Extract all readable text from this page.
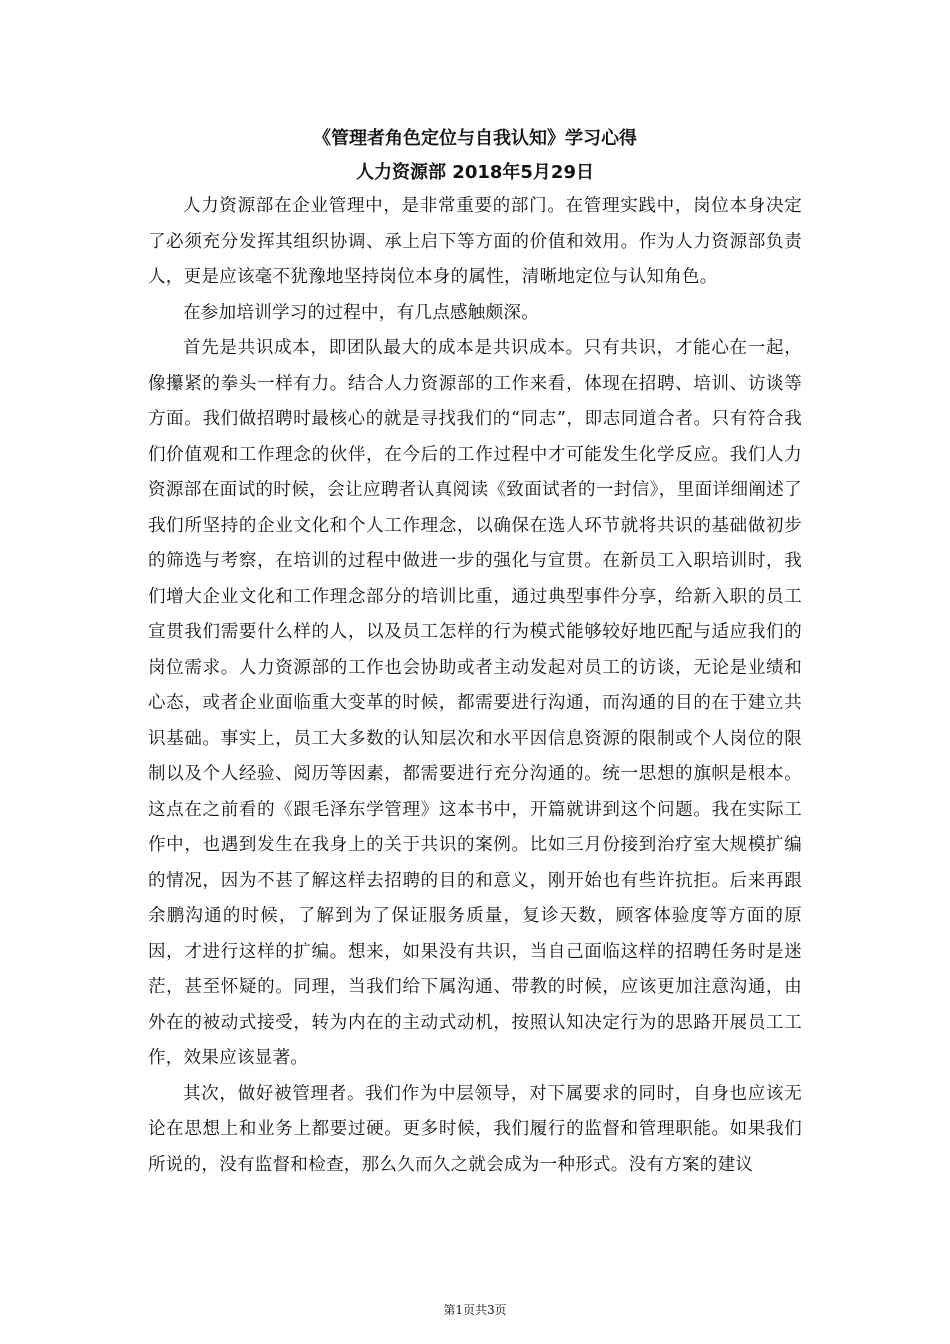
《管理者角色定位与自我认知》学习心得
人力资源部 2018年5月29日

人力资源部在企业管理中，是非常重要的部门。在管理实践中，岗位本身决定了必须充分发挥其组织协调、承上启下等方面的价值和效用。作为人力资源部负责人，更是应该毫不犹豫地坚持岗位本身的属性，清晰地定位与认知角色。

在参加培训学习的过程中，有几点感触颇深。

首先是共识成本，即团队最大的成本是共识成本。只有共识，才能心在一起，像攥紧的拳头一样有力。结合人力资源部的工作来看，体现在招聘、培训、访谈等方面。我们做招聘时最核心的就是寻找我们的“同志”，即志同道合者。只有符合我们价值观和工作理念的伙伴，在今后的工作过程中才可能发生化学反应。我们人力资源部在面试的时候，会让应聘者认真阅读《致面试者的一封信》，里面详细阐述了我们所坚持的企业文化和个人工作理念，以确保在选人环节就将共识的基础做初步的筛选与考察，在培训的过程中做进一步的强化与宣贯。在新员工入职培训时，我们增大企业文化和工作理念部分的培训比重，通过典型事件分享，给新入职的员工宣贯我们需要什么样的人，以及员工怎样的行为模式能够较好地匹配与适应我们的岗位需求。人力资源部的工作也会协助或者主动发起对员工的访谈，无论是业绩和心态，或者企业面临重大变革的时候，都需要进行沟通，而沟通的目的在于建立共识基础。事实上，员工大多数的认知层次和水平因信息资源的限制或个人岗位的限制以及个人经验、阅历等因素，都需要进行充分沟通的。统一思想的旗帜是根本。这点在之前看的《跟毛泽东学管理》这本书中，开篇就讲到这个问题。我在实际工作中，也遇到发生在我身上的关于共识的案例。比如三月份接到治疗室大规模扩编的情况，因为不甚了解这样去招聘的目的和意义，刚开始也有些许抗拒。后来再跟余鹏沟通的时候，了解到为了保证服务质量，复诊天数，顾客体验度等方面的原因，才进行这样的扩编。想来，如果没有共识，当自己面临这样的招聘任务时是迷茫，甚至怀疑的。同理，当我们给下属沟通、带教的时候，应该更加注意沟通，由外在的被动式接受，转为内在的主动式动机，按照认知决定行为的思路开展员工工作，效果应该显著。

其次，做好被管理者。我们作为中层领导，对下属要求的同时，自身也应该无论在思想上和业务上都要过硬。更多时候，我们履行的监督和管理职能。如果我们所说的，没有监督和检查，那么久而久之就会成为一种形式。没有方案的建议

第1页共3页
